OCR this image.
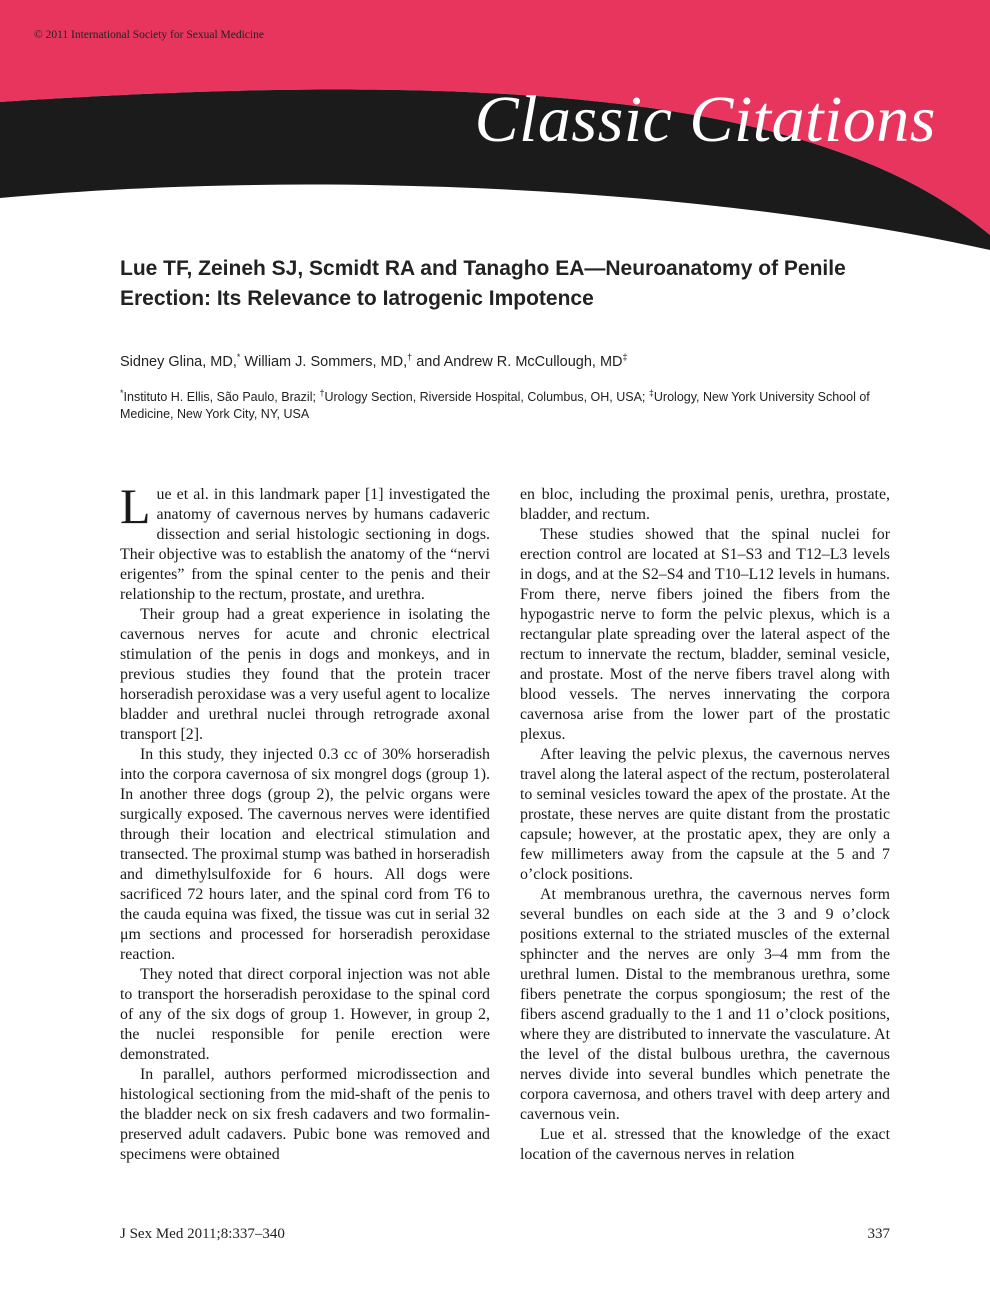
© 2011 International Society for Sexual Medicine

Classic Citations
Lue TF, Zeineh SJ, Scmidt RA and Tanagho EA—Neuroanatomy of Penile Erection: Its Relevance to Iatrogenic Impotence

Sidney Glina, MD,* William J. Sommers, MD,† and Andrew R. McCullough, MD‡

*Instituto H. Ellis, São Paulo, Brazil; †Urology Section, Riverside Hospital, Columbus, OH, USA; ‡Urology, New York University School of Medicine, New York City, NY, USA

Lue et al. in this landmark paper [1] investigated the anatomy of cavernous nerves by humans cadaveric dissection and serial histologic sectioning in dogs. Their objective was to establish the anatomy of the “nervi erigentes” from the spinal center to the penis and their relationship to the rectum, prostate, and urethra.

Their group had a great experience in isolating the cavernous nerves for acute and chronic electrical stimulation of the penis in dogs and monkeys, and in previous studies they found that the protein tracer horseradish peroxidase was a very useful agent to localize bladder and urethral nuclei through retrograde axonal transport [2].

In this study, they injected 0.3 cc of 30% horseradish into the corpora cavernosa of six mongrel dogs (group 1). In another three dogs (group 2), the pelvic organs were surgically exposed. The cavernous nerves were identified through their location and electrical stimulation and transected. The proximal stump was bathed in horseradish and dimethylsulfoxide for 6 hours. All dogs were sacrificed 72 hours later, and the spinal cord from T6 to the cauda equina was fixed, the tissue was cut in serial 32 μm sections and processed for horseradish peroxidase reaction.

They noted that direct corporal injection was not able to transport the horseradish peroxidase to the spinal cord of any of the six dogs of group 1. However, in group 2, the nuclei responsible for penile erection were demonstrated.

In parallel, authors performed microdissection and histological sectioning from the mid-shaft of the penis to the bladder neck on six fresh cadavers and two formalin-preserved adult cadavers. Pubic bone was removed and specimens were obtained

en bloc, including the proximal penis, urethra, prostate, bladder, and rectum.

These studies showed that the spinal nuclei for erection control are located at S1–S3 and T12–L3 levels in dogs, and at the S2–S4 and T10–L12 levels in humans. From there, nerve fibers joined the fibers from the hypogastric nerve to form the pelvic plexus, which is a rectangular plate spreading over the lateral aspect of the rectum to innervate the rectum, bladder, seminal vesicle, and prostate. Most of the nerve fibers travel along with blood vessels. The nerves innervating the corpora cavernosa arise from the lower part of the prostatic plexus.

After leaving the pelvic plexus, the cavernous nerves travel along the lateral aspect of the rectum, posterolateral to seminal vesicles toward the apex of the prostate. At the prostate, these nerves are quite distant from the prostatic capsule; however, at the prostatic apex, they are only a few millimeters away from the capsule at the 5 and 7 o’clock positions.

At membranous urethra, the cavernous nerves form several bundles on each side at the 3 and 9 o’clock positions external to the striated muscles of the external sphincter and the nerves are only 3–4 mm from the urethral lumen. Distal to the membranous urethra, some fibers penetrate the corpus spongiosum; the rest of the fibers ascend gradually to the 1 and 11 o’clock positions, where they are distributed to innervate the vasculature. At the level of the distal bulbous urethra, the cavernous nerves divide into several bundles which penetrate the corpora cavernosa, and others travel with deep artery and cavernous vein.

Lue et al. stressed that the knowledge of the exact location of the cavernous nerves in relation

J Sex Med 2011;8:337–340	337
